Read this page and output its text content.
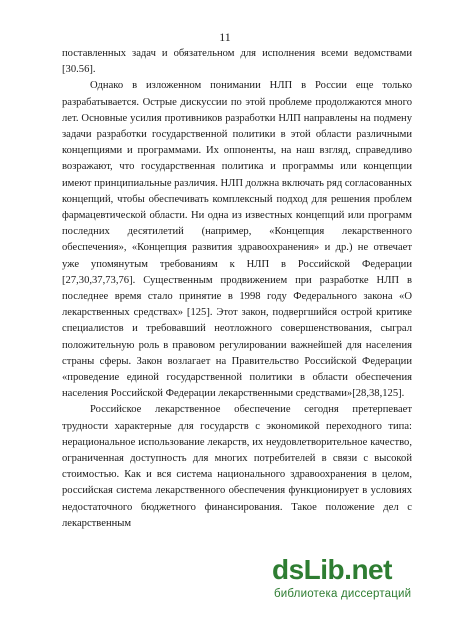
11

поставленных задач и обязательном для исполнения всеми ведомствами [30.56].

Однако в изложенном понимании НЛП в России еще только разрабатывается. Острые дискуссии по этой проблеме продолжаются много лет. Основные усилия противников разработки НЛП направлены на подмену задачи разработки государственной политики в этой области различными концепциями и программами. Их оппоненты, на наш взгляд, справедливо возражают, что государственная политика и программы или концепции имеют принципиальные различия. НЛП должна включать ряд согласованных концепций, чтобы обеспечивать комплексный подход для решения проблем фармацевтической области. Ни одна из известных концепций или программ последних десятилетий (например, «Концепция лекарственного обеспечения», «Концепция развития здравоохранения» и др.) не отвечает уже упомянутым требованиям к НЛП в Российской Федерации [27,30,37,73,76]. Существенным продвижением при разработке НЛП в последнее время стало принятие в 1998 году Федерального закона «О лекарственных средствах» [125]. Этот закон, подвергшийся острой критике специалистов и требовавший неотложного совершенствования, сыграл положительную роль в правовом регулировании важнейшей для населения страны сферы. Закон возлагает на Правительство Российской Федерации «проведение единой государственной политики в области обеспечения населения Российской Федерации лекарственными средствами»[28,38,125].

Российское лекарственное обеспечение сегодня претерпевает трудности характерные для государств с экономикой переходного типа: нерациональное использование лекарств, их неудовлетворительное качество, ограниченная доступность для многих потребителей в связи с высокой стоимостью. Как и вся система национального здравоохранения в целом, российская система лекарственного обеспечения функционирует в условиях недостаточного бюджетного финансирования. Такое положение дел с лекарственным

dsLib.net
библиотека диссертаций
